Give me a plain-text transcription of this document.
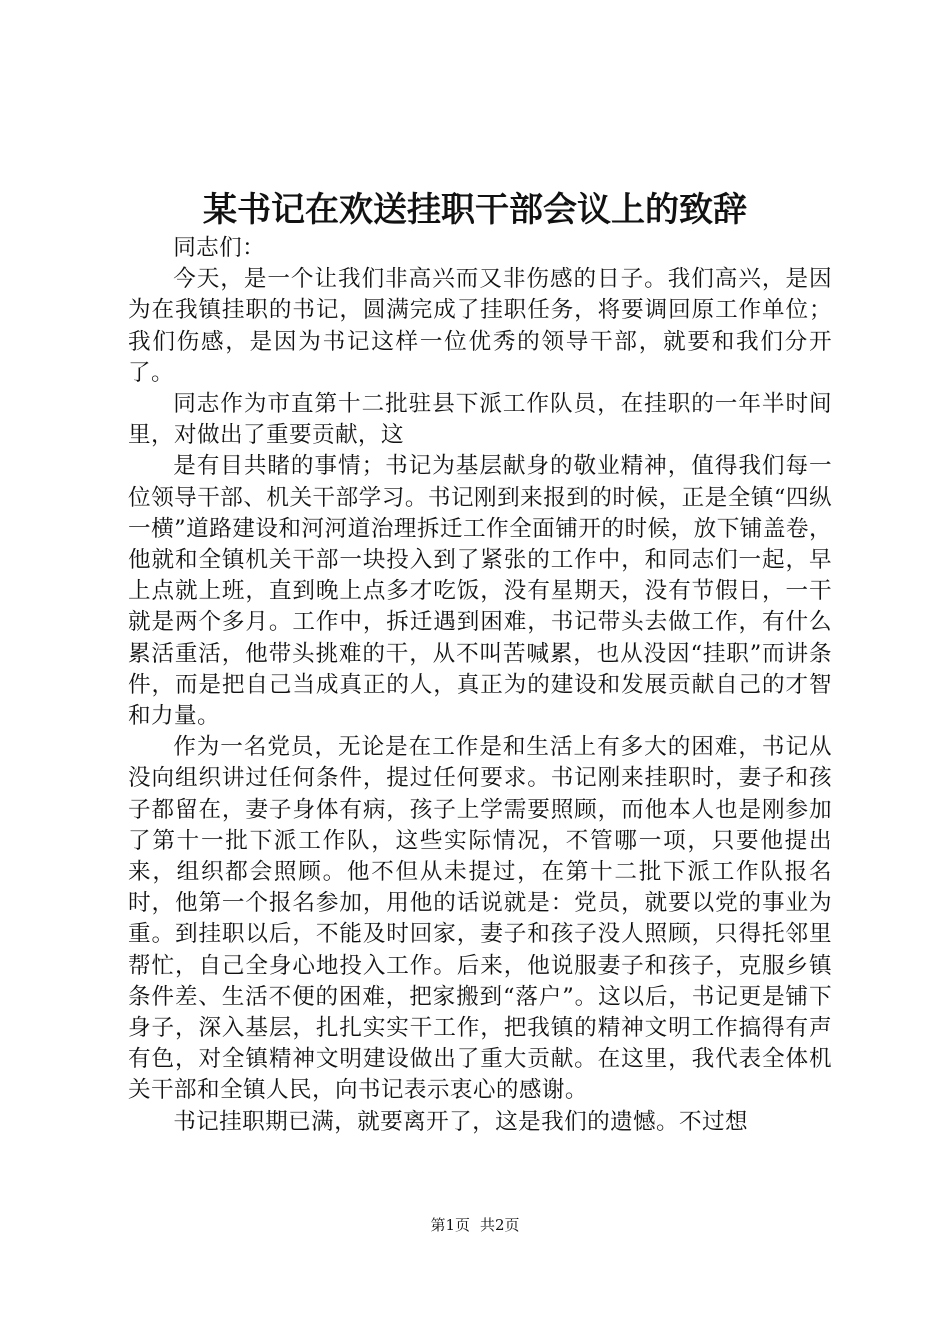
某书记在欢送挂职干部会议上的致辞

同志们：

今天，是一个让我们非高兴而又非伤感的日子。我们高兴，是因为在我镇挂职的书记，圆满完成了挂职任务，将要调回原工作单位；我们伤感，是因为书记这样一位优秀的领导干部，就要和我们分开了。

同志作为市直第十二批驻县下派工作队员，在挂职的一年半时间里，对做出了重要贡献，这

是有目共睹的事情；书记为基层献身的敬业精神，值得我们每一位领导干部、机关干部学习。书记刚到来报到的时候，正是全镇“四纵一横”道路建设和河河道治理拆迁工作全面铺开的时候，放下铺盖卷，他就和全镇机关干部一块投入到了紧张的工作中，和同志们一起，早上点就上班，直到晚上点多才吃饭，没有星期天，没有节假日，一干就是两个多月。工作中，拆迁遇到困难，书记带头去做工作，有什么累活重活，他带头挑难的干，从不叫苦喊累，也从没因“挂职”而讲条件，而是把自己当成真正的人，真正为的建设和发展贡献自己的才智和力量。

作为一名党员，无论是在工作是和生活上有多大的困难，书记从没向组织讲过任何条件，提过任何要求。书记刚来挂职时，妻子和孩子都留在，妻子身体有病，孩子上学需要照顾，而他本人也是刚参加了第十一批下派工作队，这些实际情况，不管哪一项，只要他提出来，组织都会照顾。他不但从未提过，在第十二批下派工作队报名时，他第一个报名参加，用他的话说就是：党员，就要以党的事业为重。到挂职以后，不能及时回家，妻子和孩子没人照顾，只得托邻里帮忙，自己全身心地投入工作。后来，他说服妻子和孩子，克服乡镇条件差、生活不便的困难，把家搬到“落户”。这以后，书记更是铺下身子，深入基层，扎扎实实干工作，把我镇的精神文明工作搞得有声有色，对全镇精神文明建设做出了重大贡献。在这里，我代表全体机关干部和全镇人民，向书记表示衷心的感谢。

书记挂职期已满，就要离开了，这是我们的遗憾。不过想

第1页 共2页
